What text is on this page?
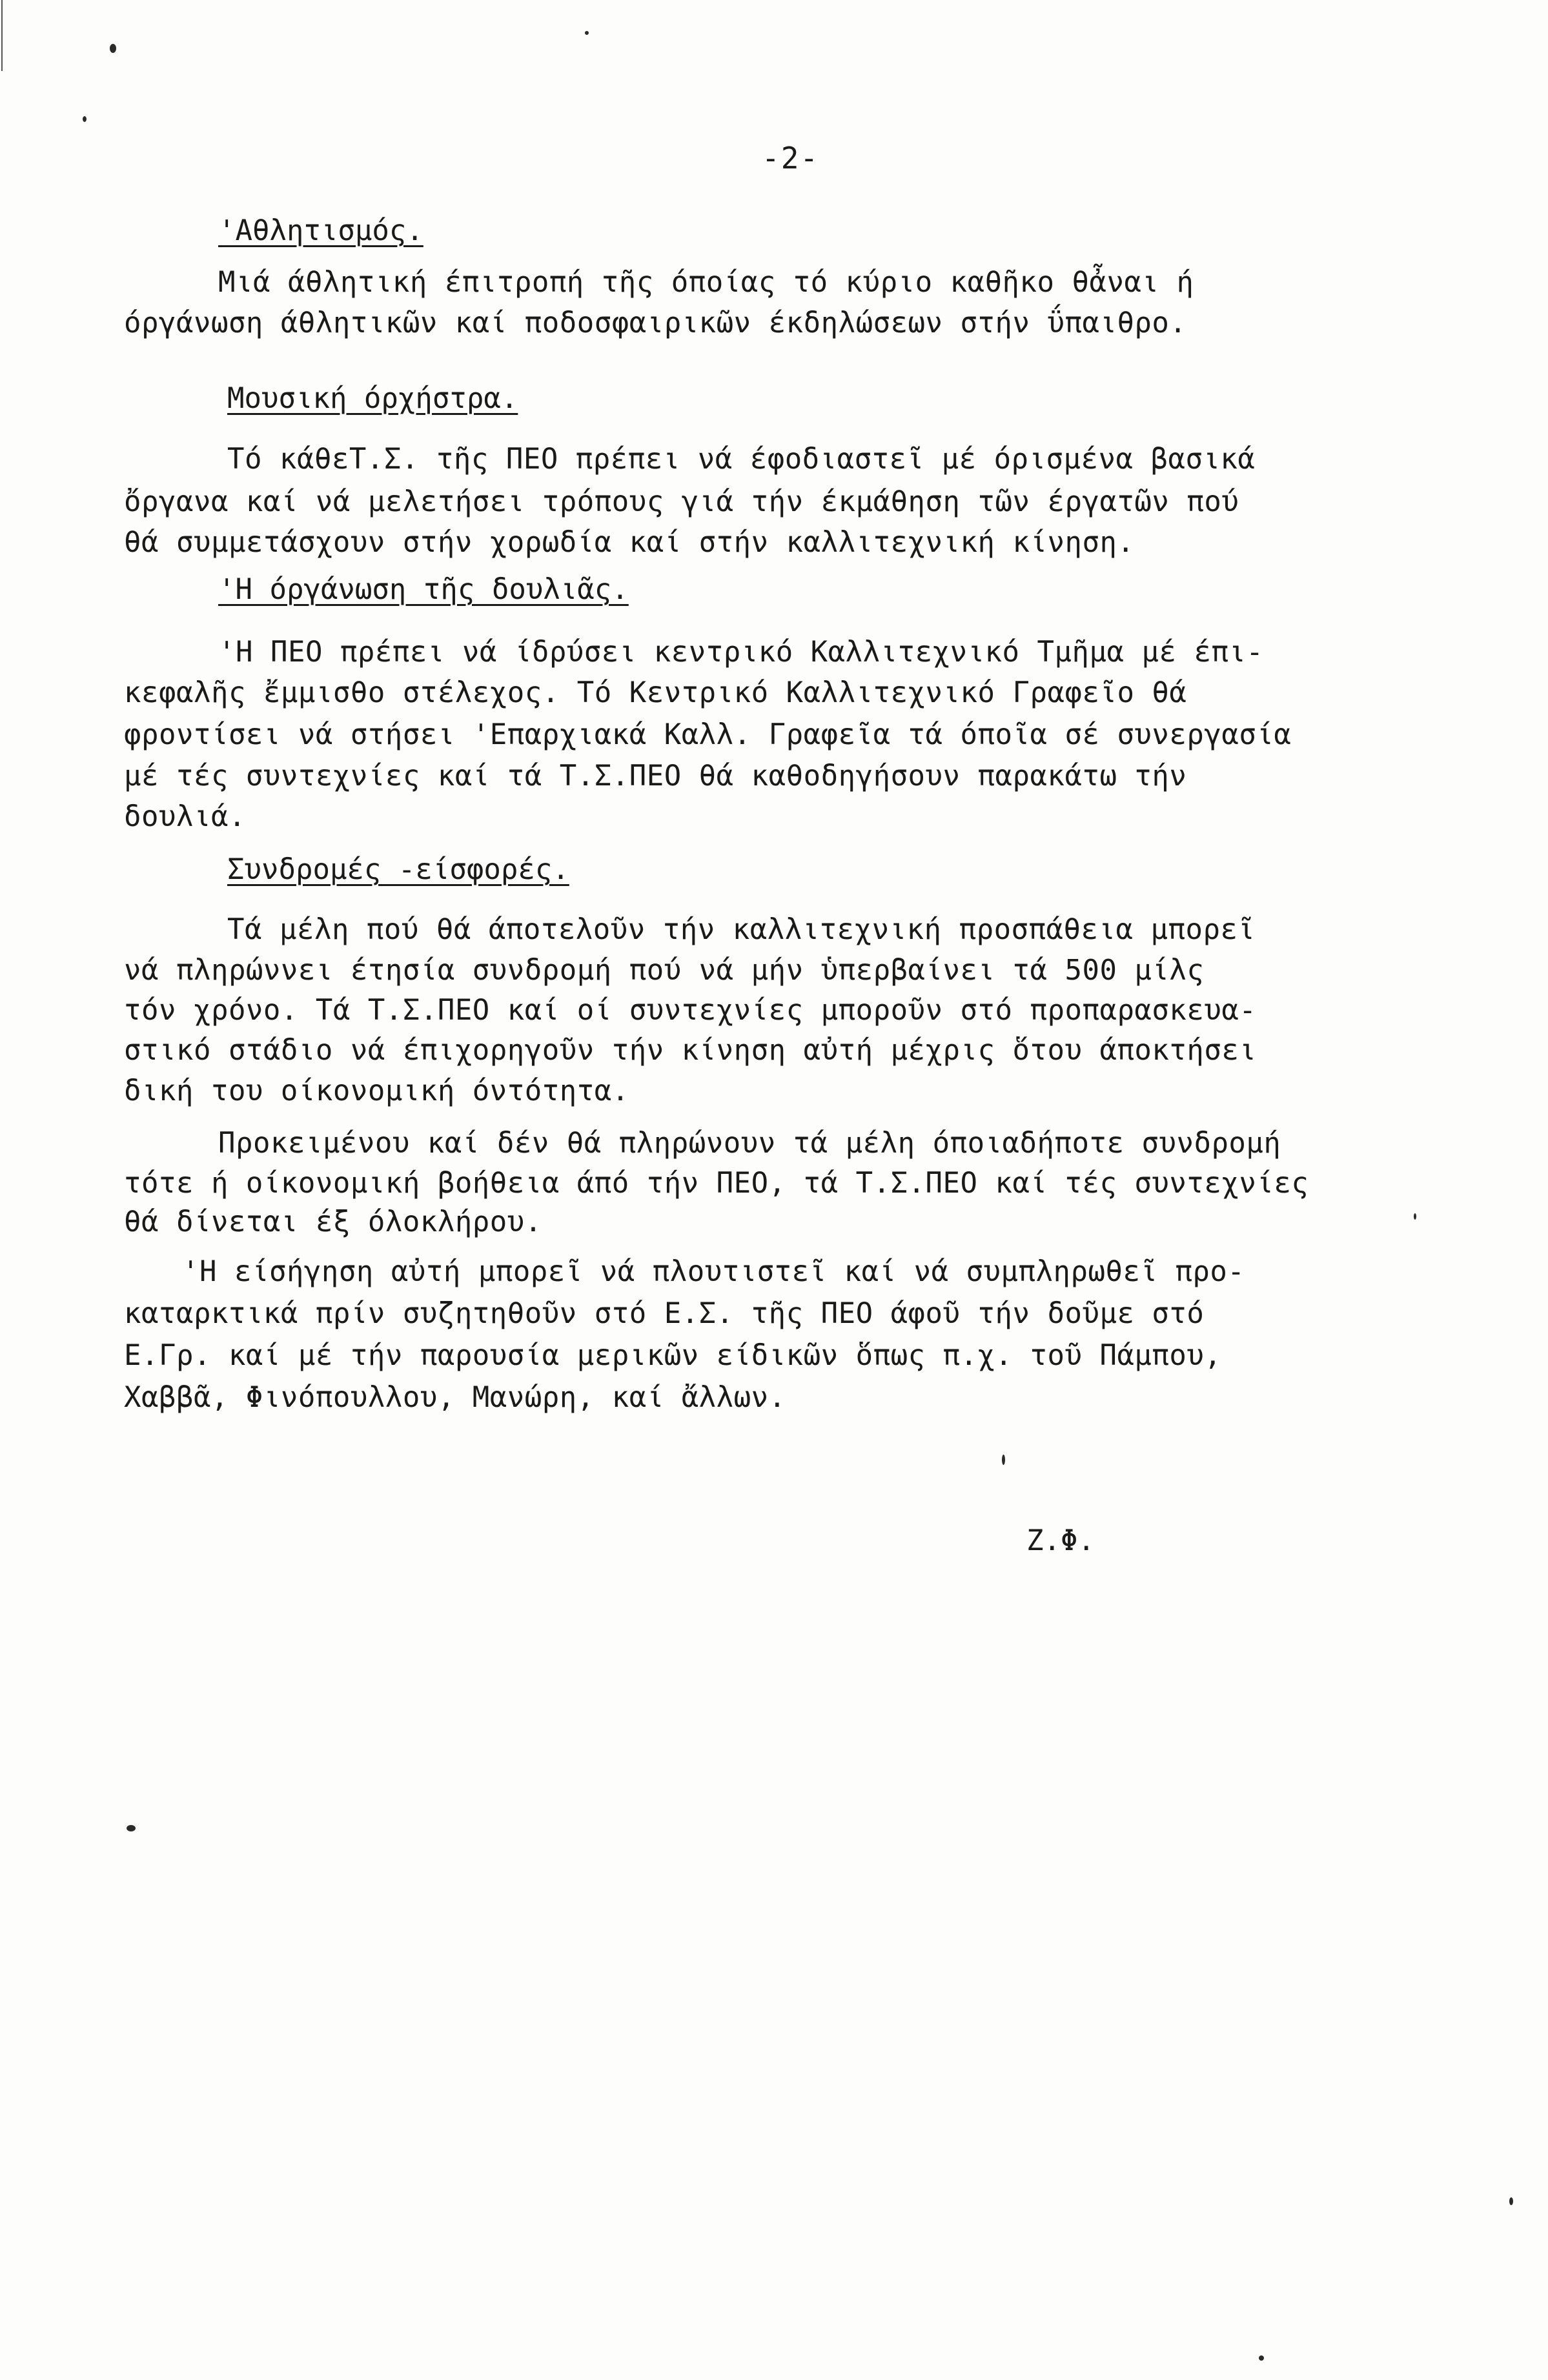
-2-
'Αθλητισμός.
Μιά άθλητική έπιτροπή τῆς όποίας τό κύριο καθῆκο θἆναι ή
όργάνωση άθλητικῶν καί ποδοσφαιρικῶν έκδηλώσεων στήν ΰπαιθρο.
Μουσική όρχήστρα.
Τό κάθεΤ.Σ. τῆς ΠΕΟ πρέπει νά έφοδιαστεῖ μέ όρισμένα βασικά
ὄργανα καί νά μελετήσει τρόπους γιά τήν έκμάθηση τῶν έργατῶν πού
θά συμμετάσχουν στήν χορωδία καί στήν καλλιτεχνική κίνηση.
'Η όργάνωση τῆς δουλιᾶς.
'Η ΠΕΟ πρέπει νά ίδρύσει κεντρικό Καλλιτεχνικό Τμῆμα μέ έπι-
κεφαλῆς ἔμμισθο στέλεχος. Τό Κεντρικό Καλλιτεχνικό Γραφεῖο θά
φροντίσει νά στήσει 'Επαρχιακά Καλλ. Γραφεῖα τά όποῖα σέ συνεργασία
μέ τές συντεχνίες καί τά Τ.Σ.ΠΕΟ θά καθοδηγήσουν παρακάτω τήν
δουλιά.
Συνδρομές -είσφορές.
Τά μέλη πού θά άποτελοῦν τήν καλλιτεχνική προσπάθεια μπορεῖ
νά πληρώννει έτησία συνδρομή πού νά μήν ὑπερβαίνει τά 500 μίλς
τόν χρόνο. Τά Τ.Σ.ΠΕΟ καί οί συντεχνίες μποροῦν στό προπαρασκευα-
στικό στάδιο νά έπιχορηγοῦν τήν κίνηση αὐτή μέχρις ὅτου άποκτήσει
δική του οίκονομική όντότητα.
Προκειμένου καί δέν θά πληρώνουν τά μέλη όποιαδήποτε συνδρομή
τότε ή οίκονομική βοήθεια άπό τήν ΠΕΟ, τά Τ.Σ.ΠΕΟ καί τές συντεχνίες
θά δίνεται έξ όλοκλήρου.
'Η είσήγηση αὐτή μπορεῖ νά πλουτιστεῖ καί νά συμπληρωθεῖ προ-
καταρκτικά πρίν συζητηθοῦν στό Ε.Σ. τῆς ΠΕΟ άφοῦ τήν δοῦμε στό
Ε.Γρ. καί μέ τήν παρουσία μερικῶν είδικῶν ὅπως π.χ. τοῦ Πάμπου,
Χαββᾶ, Φινόπουλλου, Μανώρη, καί ἄλλων.
Ζ.Φ.
